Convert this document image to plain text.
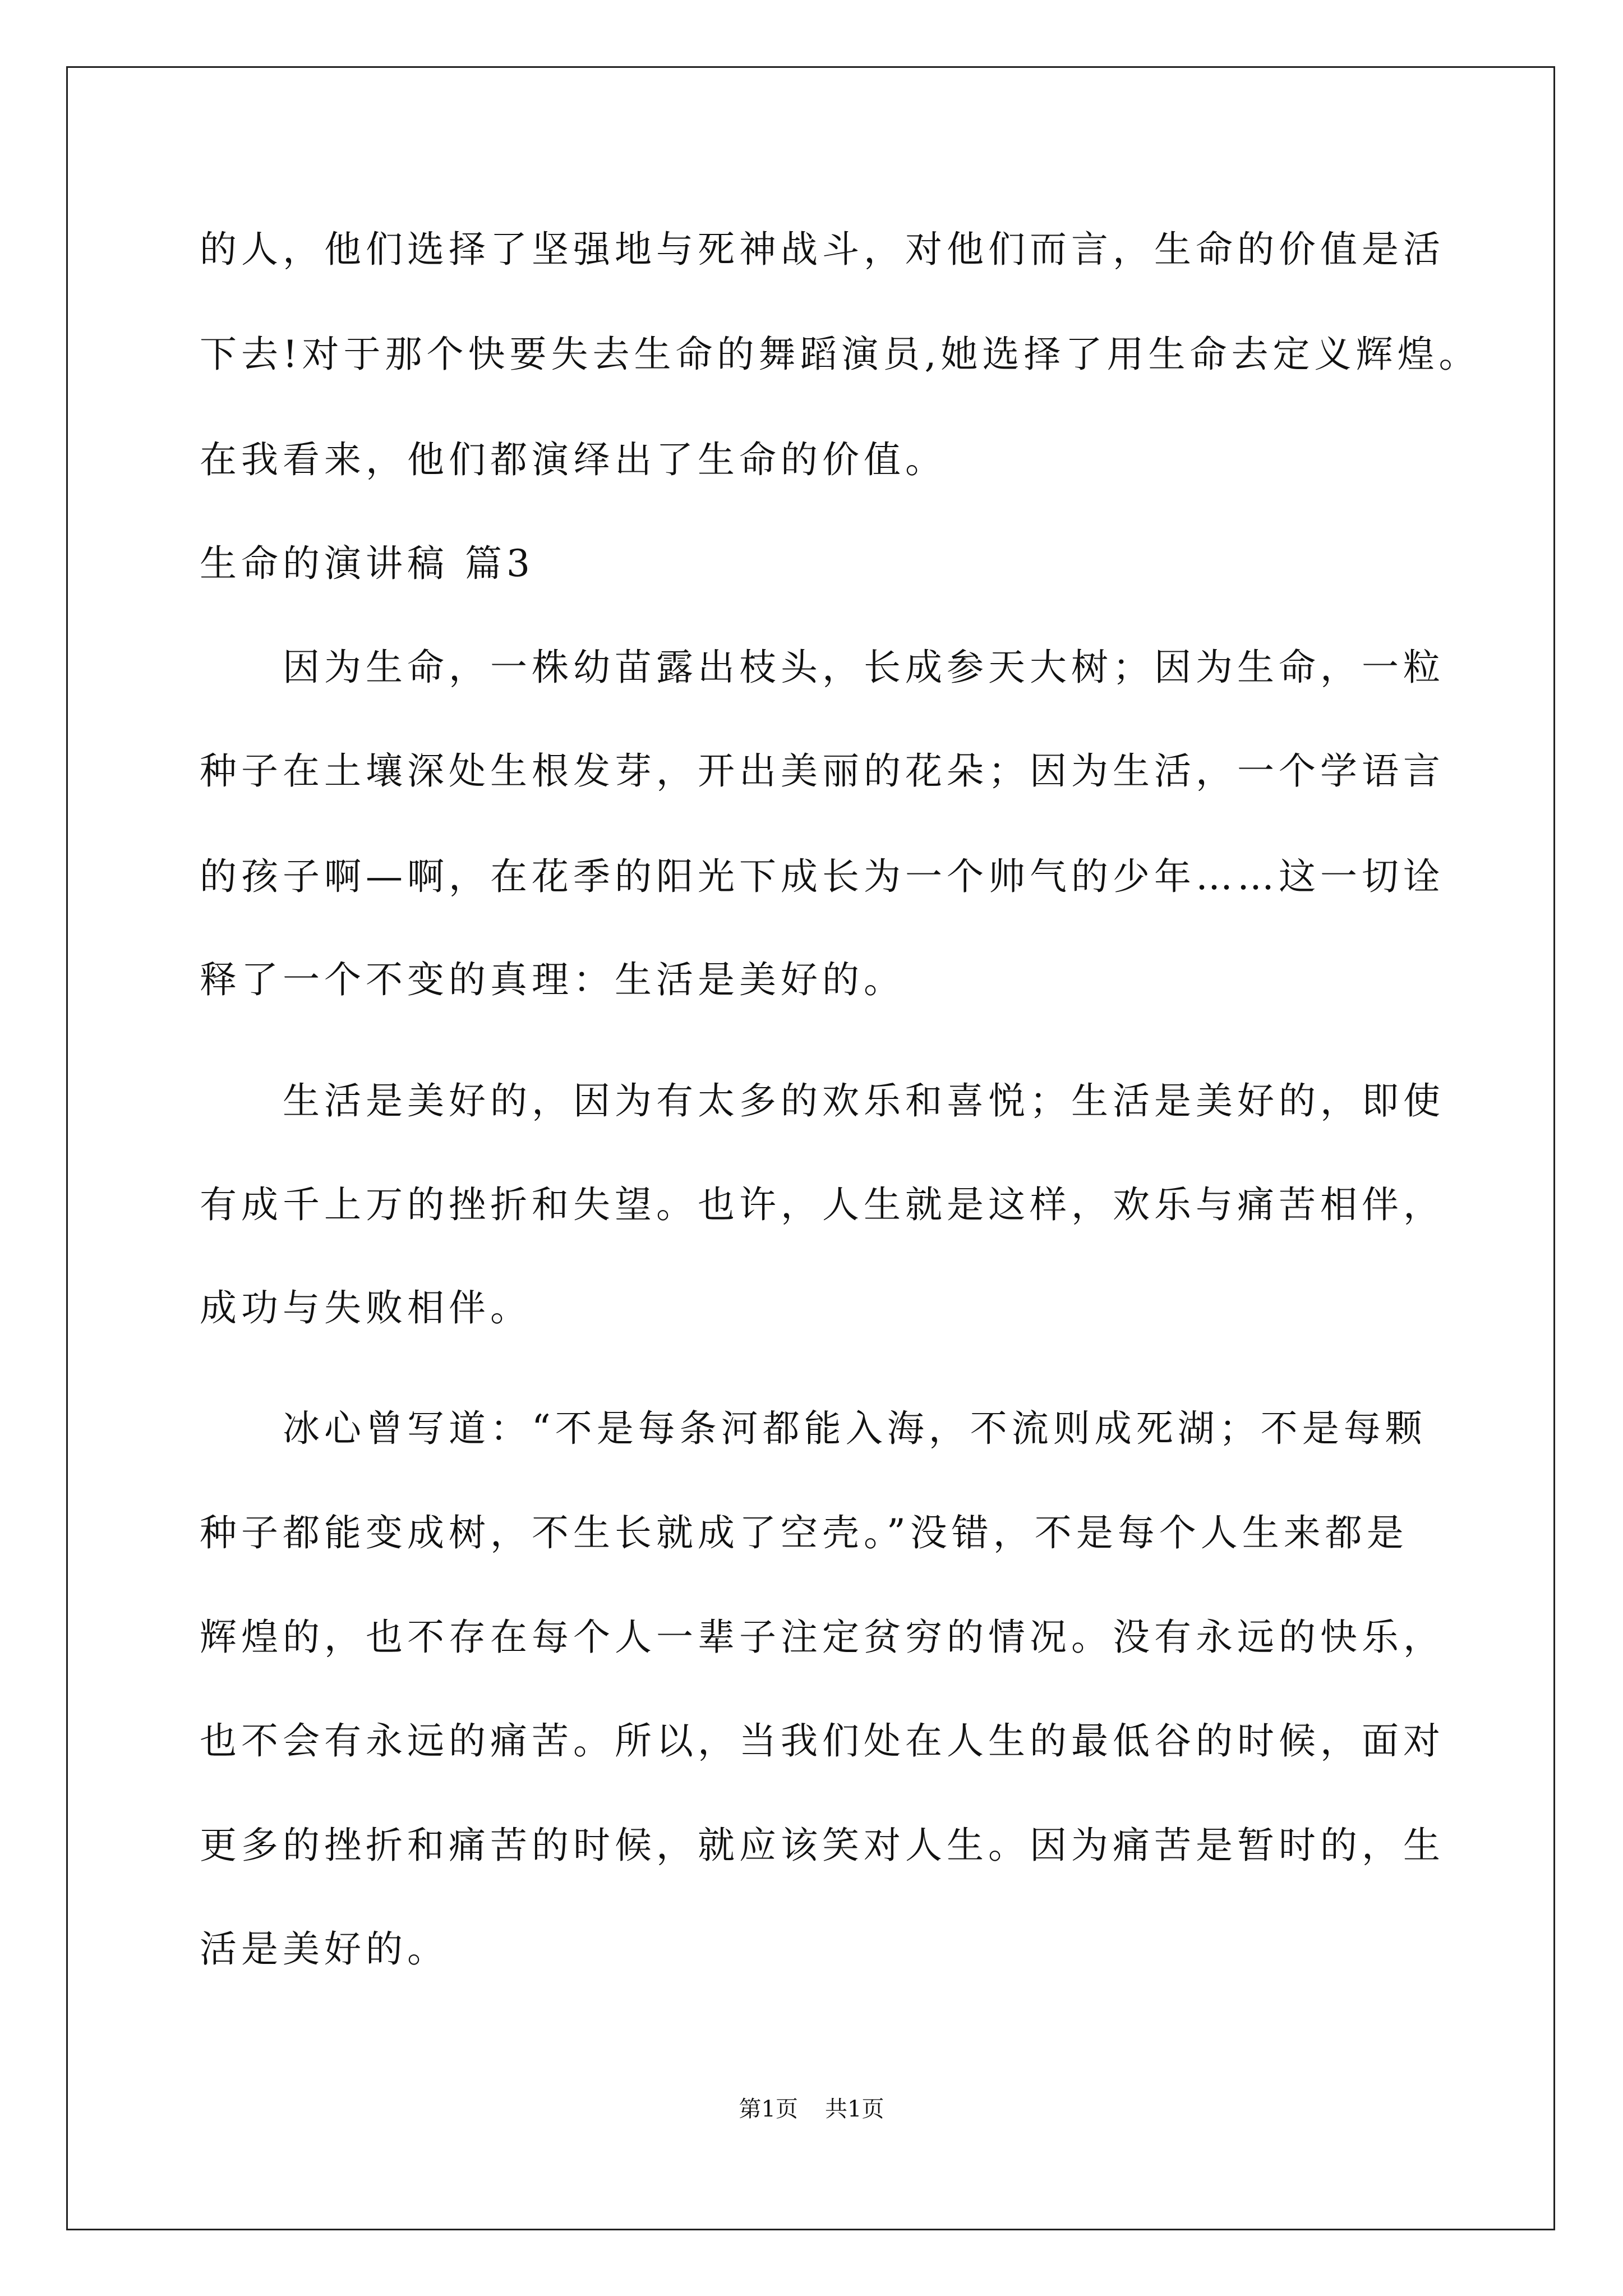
的人，他们选择了坚强地与死神战斗，对他们而言，生命的价值是活
下去!对于那个快要失去生命的舞蹈演员,她选择了用生命去定义辉煌。
在我看来，他们都演绎出了生命的价值。
生命的演讲稿 篇3
因为生命，一株幼苗露出枝头，长成参天大树；因为生命，一粒
种子在土壤深处生根发芽，开出美丽的花朵；因为生活，一个学语言
的孩子啊—啊，在花季的阳光下成长为一个帅气的少年……这一切诠
释了一个不变的真理：生活是美好的。
生活是美好的，因为有太多的欢乐和喜悦；生活是美好的，即使
有成千上万的挫折和失望。也许，人生就是这样，欢乐与痛苦相伴，
成功与失败相伴。
冰心曾写道：“不是每条河都能入海，不流则成死湖；不是每颗
种子都能变成树，不生长就成了空壳。”没错，不是每个人生来都是
辉煌的，也不存在每个人一辈子注定贫穷的情况。没有永远的快乐，
也不会有永远的痛苦。所以，当我们处在人生的最低谷的时候，面对
更多的挫折和痛苦的时候，就应该笑对人生。因为痛苦是暂时的，生
活是美好的。
第1页 共1页
